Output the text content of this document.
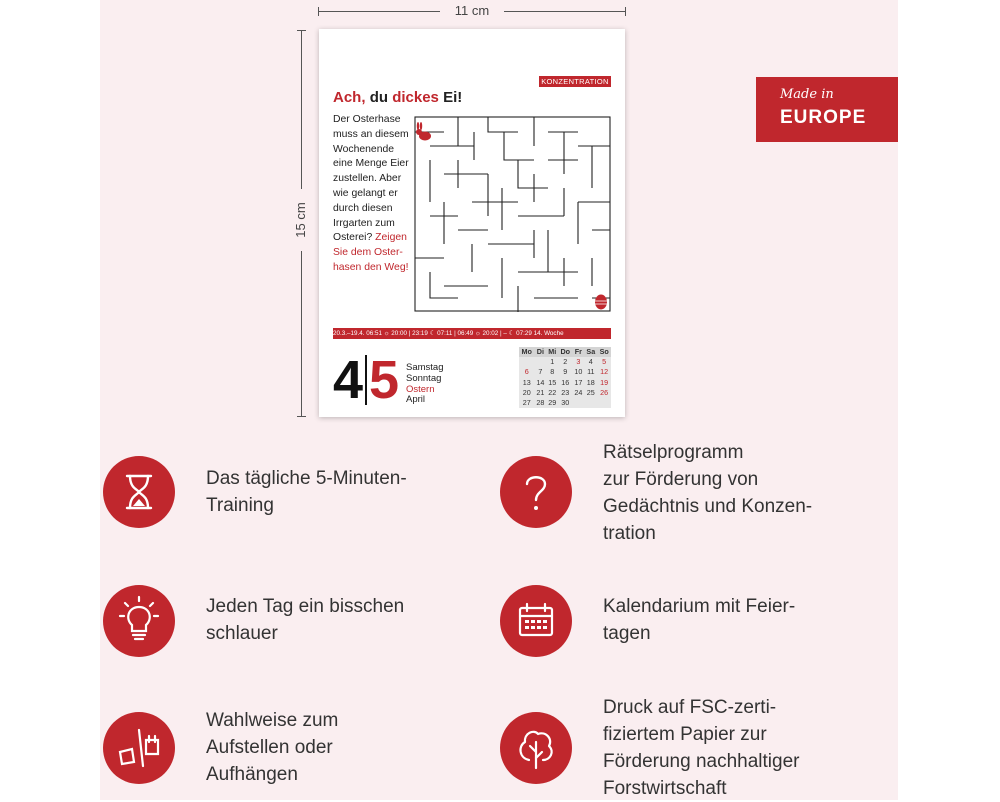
11 cm
15 cm
KONZENTRATION
Ach, du dickes Ei!
Der Osterhase
muss an diesem
Wochenende
eine Menge Eier
zustellen. Aber
wie gelangt er
durch diesen
Irrgarten zum
Osterei? Zeigen
Sie dem Oster-
hasen den Weg!
20.3.–19.4. 06:51 ☼ 20:00 | 23:19 ☾ 07:11 | 06:49 ☼ 20:02 | – ☾ 07:29 14. Woche
4 5 Samstag
Sonntag
Ostern
April
Mo	Di	Mi	Do	Fr	Sa	So
		1	2	3	4	5
6	7	8	9	10	11	12
13	14	15	16	17	18	19
20	21	22	23	24	25	26
27	28	29	30			
Made in
EUROPE
Das tägliche 5-Minuten-
Training
Rätselprogramm
zur Förderung von
Gedächtnis und Konzen-
tration
Jeden Tag ein bisschen
schlauer
Kalendarium mit Feier-
tagen
Wahlweise zum
Aufstellen oder
Aufhängen
Druck auf FSC-zerti-
fiziertem Papier zur
Förderung nachhaltiger
Forstwirtschaft
